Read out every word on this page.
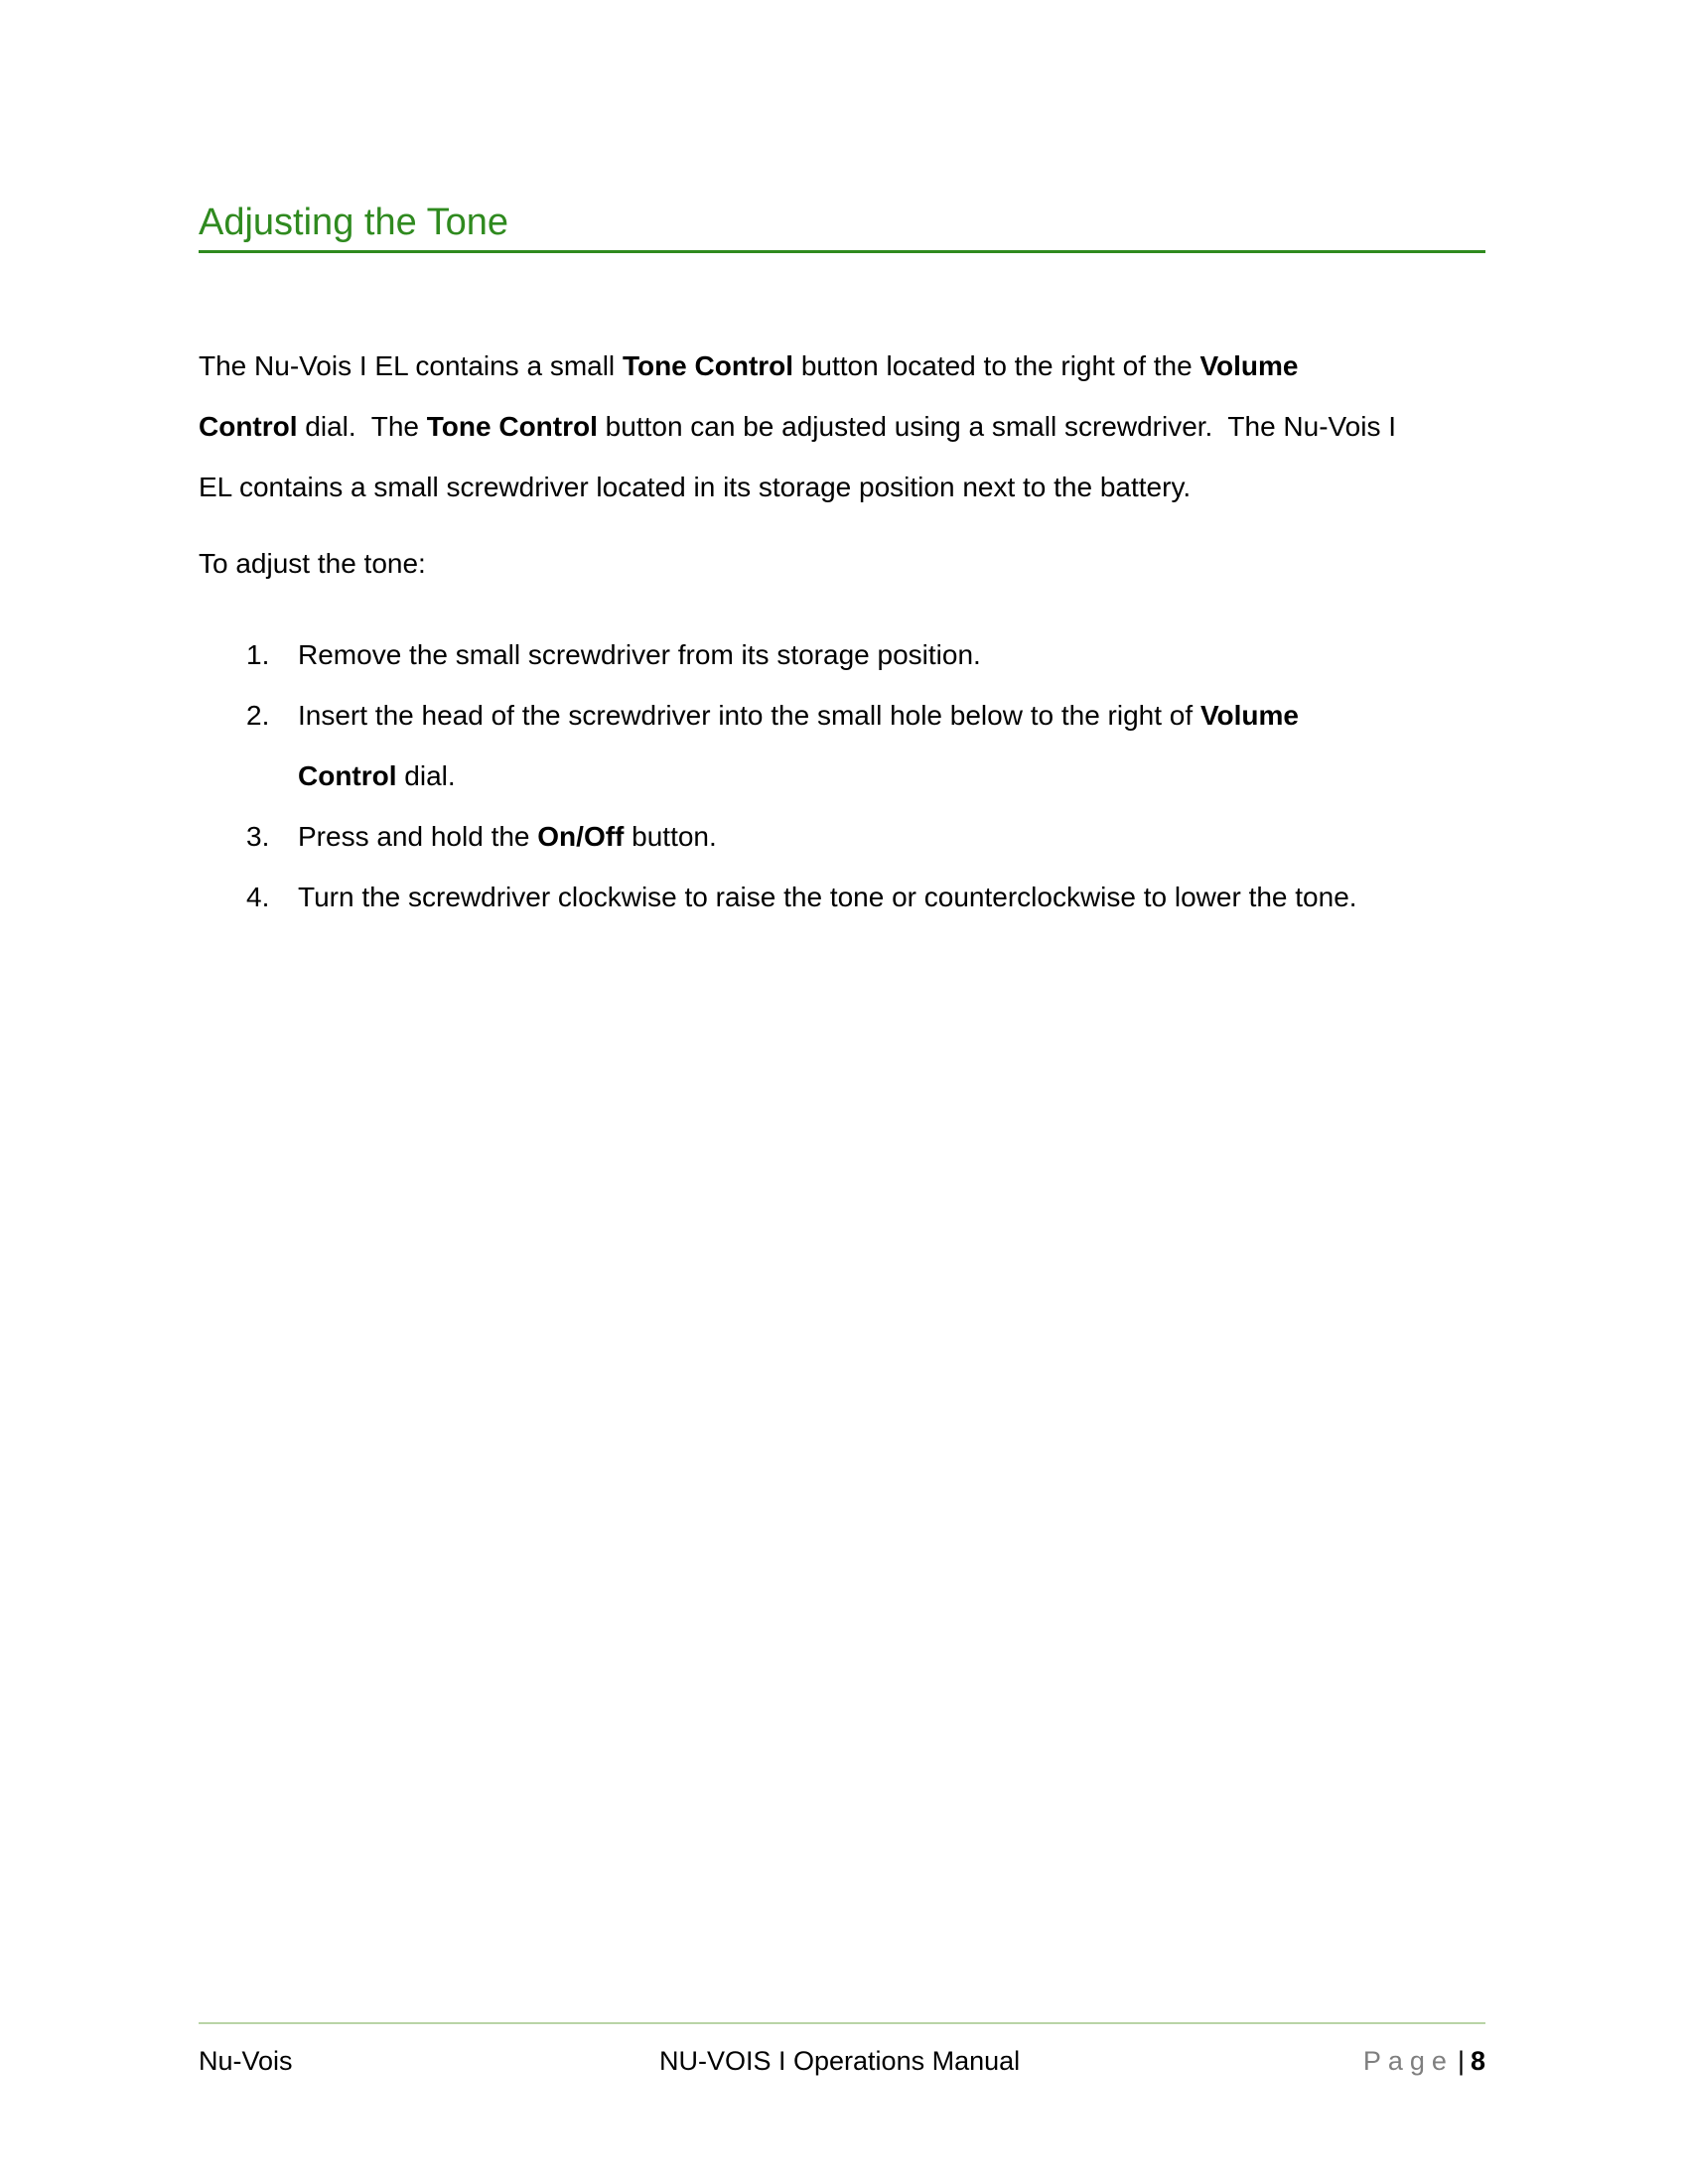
Adjusting the Tone

The Nu-Vois I EL contains a small Tone Control button located to the right of the Volume
Control dial.  The Tone Control button can be adjusted using a small screwdriver.  The Nu-Vois I
EL contains a small screwdriver located in its storage position next to the battery.

To adjust the tone:

1.	Remove the small screwdriver from its storage position.
2.	Insert the head of the screwdriver into the small hole below to the right of Volume
Control dial.
3.	Press and hold the On/Off button.
4.	Turn the screwdriver clockwise to raise the tone or counterclockwise to lower the tone.
Nu-Vois	NU-VOIS I Operations Manual	Page | 8
